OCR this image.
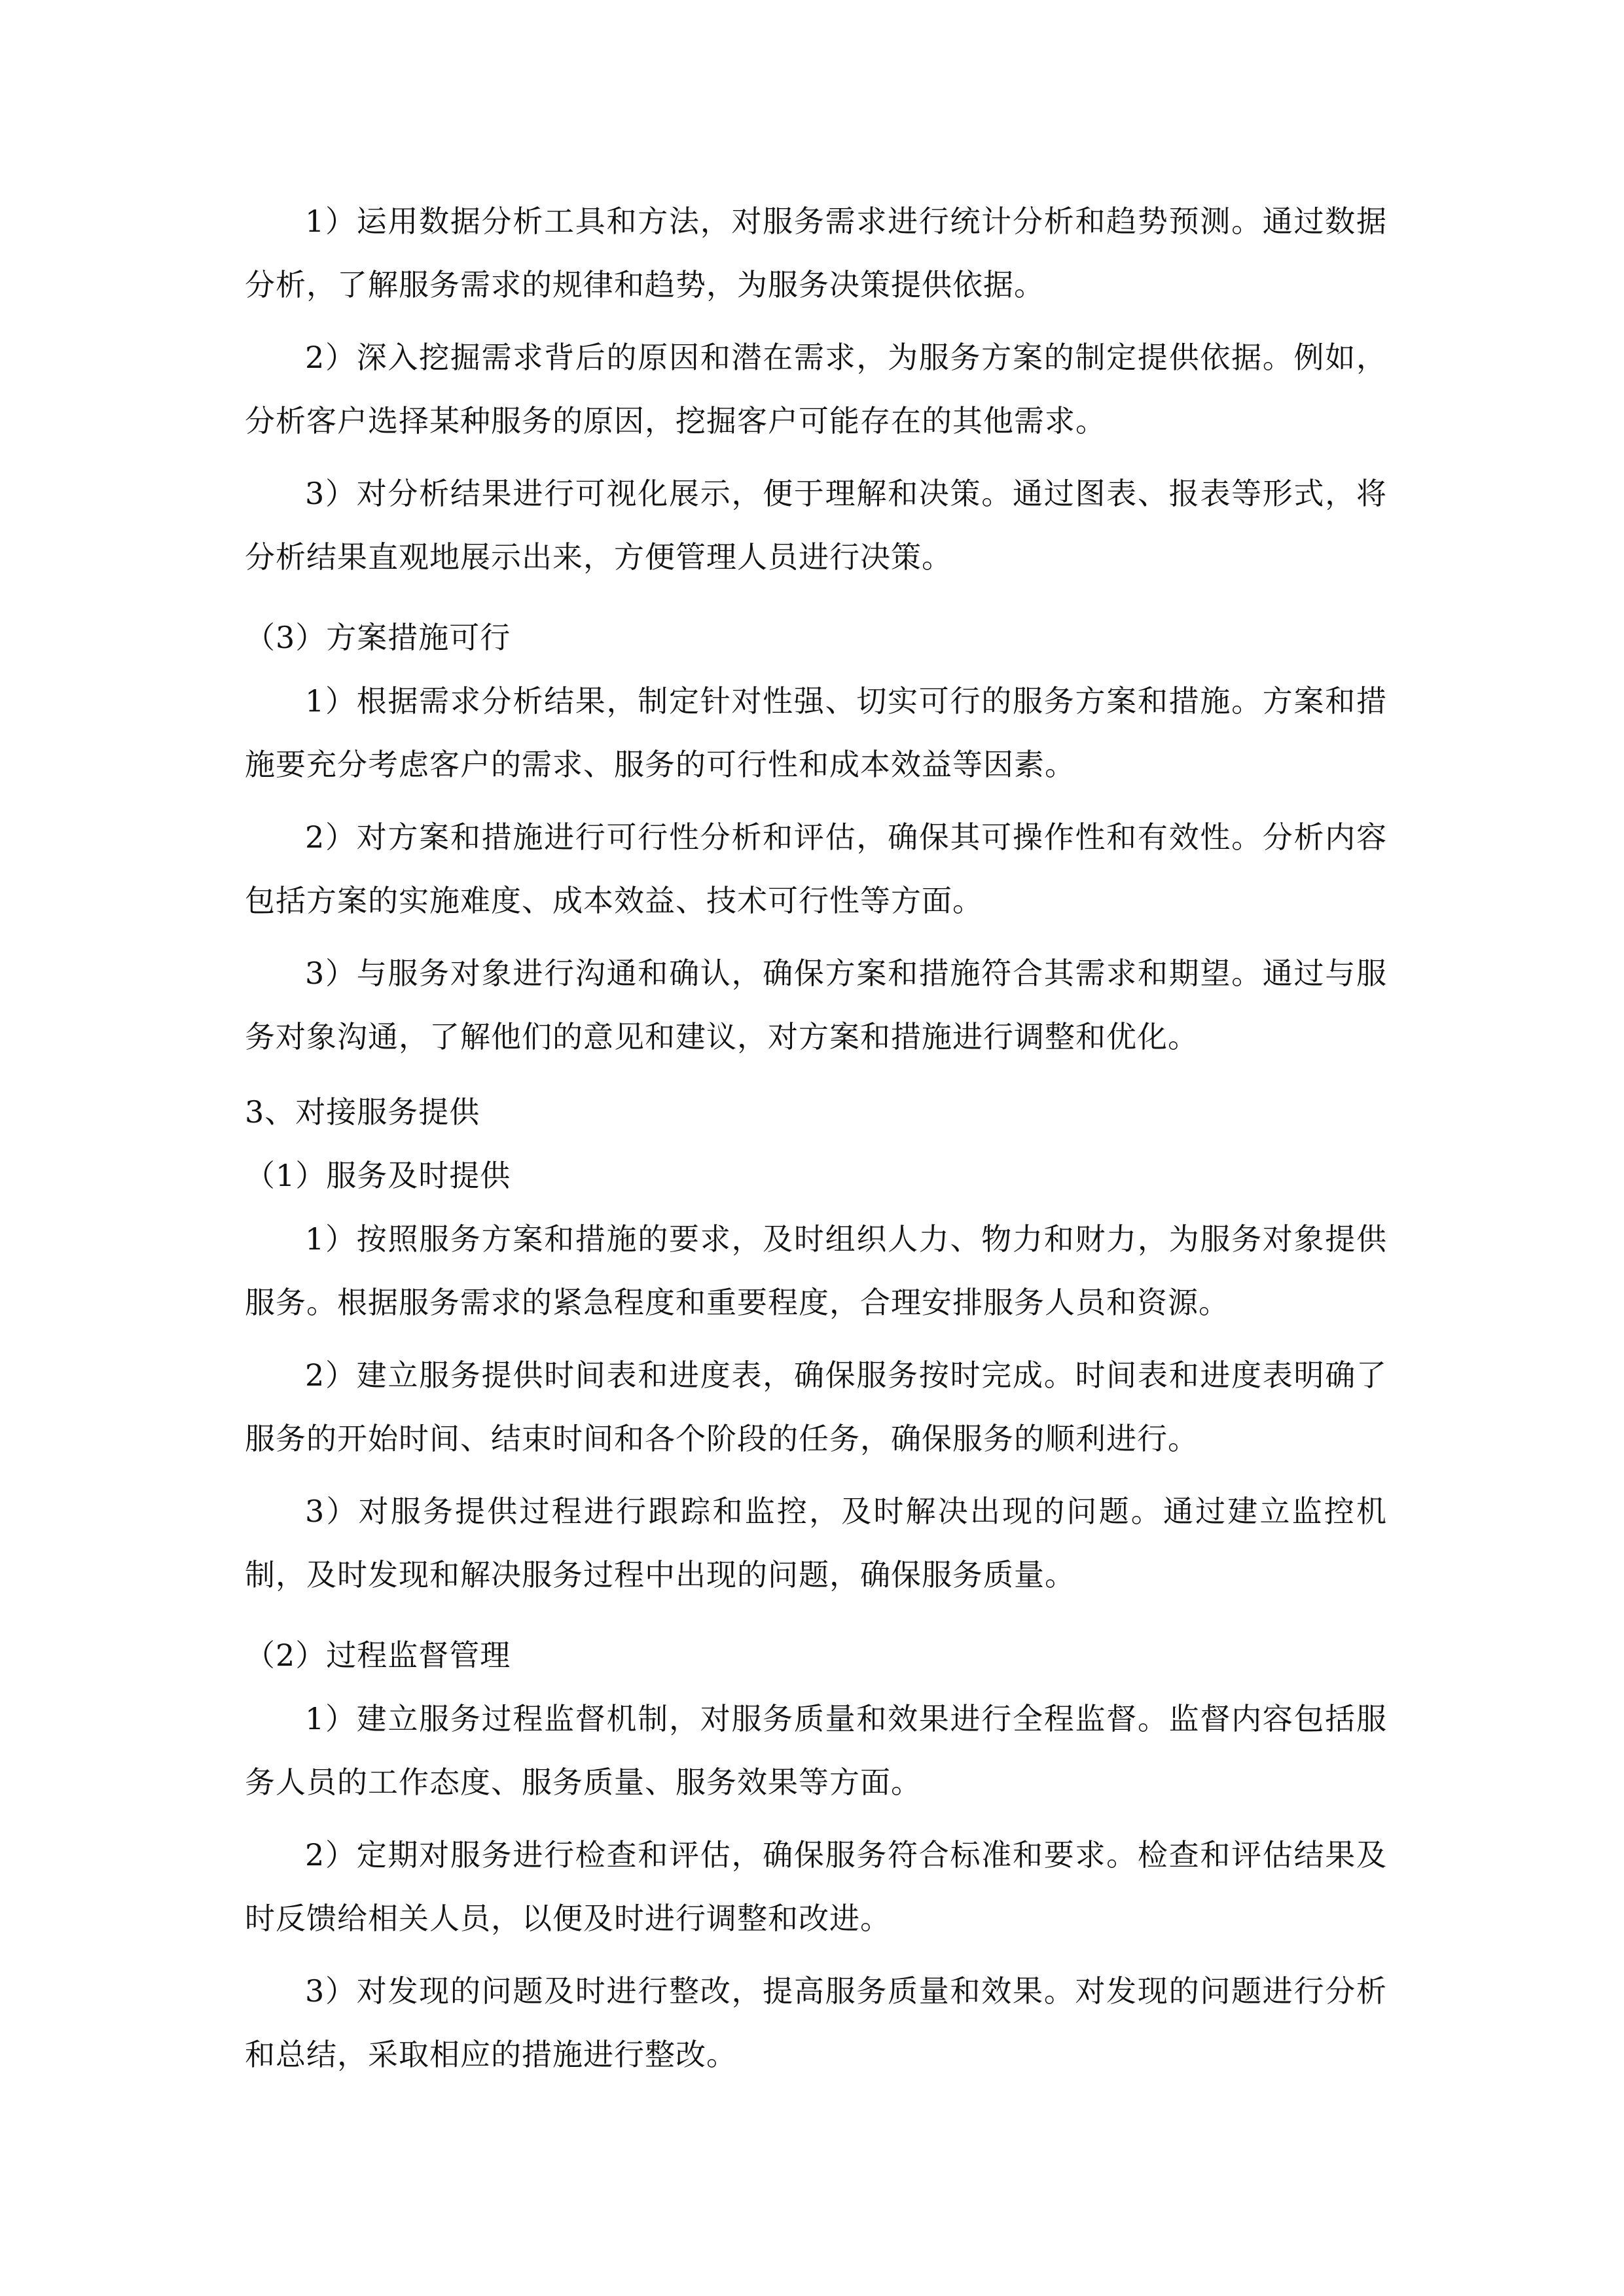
1）运用数据分析工具和方法，对服务需求进行统计分析和趋势预测。通过数据分析，了解服务需求的规律和趋势，为服务决策提供依据。

2）深入挖掘需求背后的原因和潜在需求，为服务方案的制定提供依据。例如，分析客户选择某种服务的原因，挖掘客户可能存在的其他需求。

3）对分析结果进行可视化展示，便于理解和决策。通过图表、报表等形式，将分析结果直观地展示出来，方便管理人员进行决策。

（3）方案措施可行

1）根据需求分析结果，制定针对性强、切实可行的服务方案和措施。方案和措施要充分考虑客户的需求、服务的可行性和成本效益等因素。

2）对方案和措施进行可行性分析和评估，确保其可操作性和有效性。分析内容包括方案的实施难度、成本效益、技术可行性等方面。

3）与服务对象进行沟通和确认，确保方案和措施符合其需求和期望。通过与服务对象沟通，了解他们的意见和建议，对方案和措施进行调整和优化。

3、对接服务提供

（1）服务及时提供

1）按照服务方案和措施的要求，及时组织人力、物力和财力，为服务对象提供服务。根据服务需求的紧急程度和重要程度，合理安排服务人员和资源。

2）建立服务提供时间表和进度表，确保服务按时完成。时间表和进度表明确了服务的开始时间、结束时间和各个阶段的任务，确保服务的顺利进行。

3）对服务提供过程进行跟踪和监控，及时解决出现的问题。通过建立监控机制，及时发现和解决服务过程中出现的问题，确保服务质量。

（2）过程监督管理

1）建立服务过程监督机制，对服务质量和效果进行全程监督。监督内容包括服务人员的工作态度、服务质量、服务效果等方面。

2）定期对服务进行检查和评估，确保服务符合标准和要求。检查和评估结果及时反馈给相关人员，以便及时进行调整和改进。

3）对发现的问题及时进行整改，提高服务质量和效果。对发现的问题进行分析和总结，采取相应的措施进行整改。
